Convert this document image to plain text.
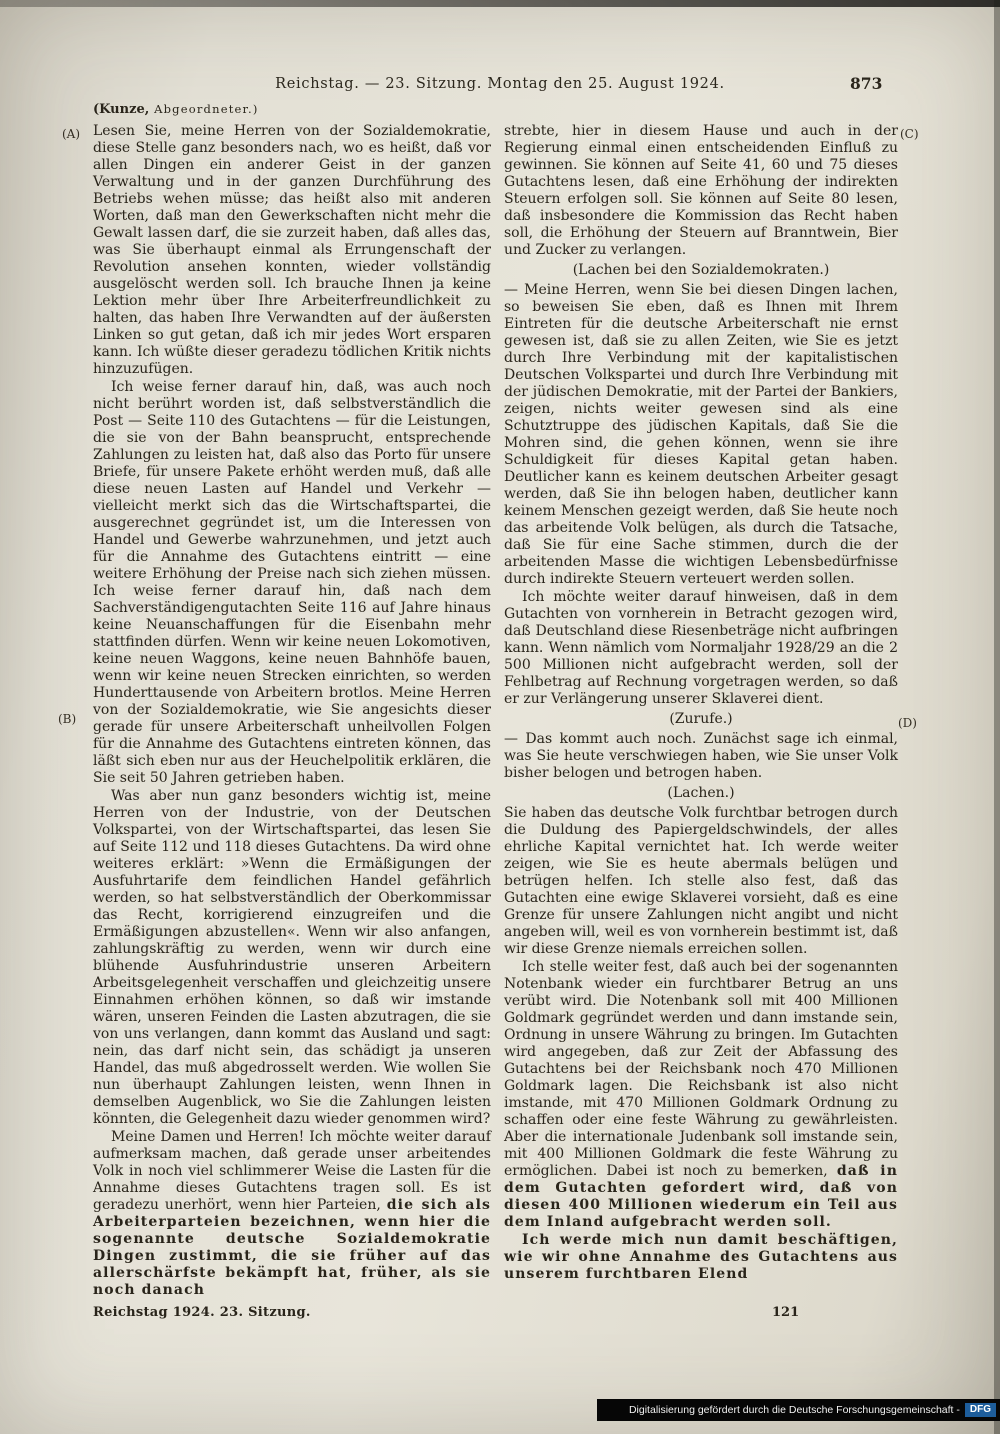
Reichstag. — 23. Sitzung. Montag den 25. August 1924.	873
(Kunze, Abgeordneter.)
(A)
(B)
(C)
(D)

Lesen Sie, meine Herren von der Sozialdemokratie, diese Stelle ganz besonders nach, wo es heißt, daß vor allen Dingen ein anderer Geist in der ganzen Verwaltung und in der ganzen Durchführung des Betriebs wehen müsse; das heißt also mit anderen Worten, daß man den Gewerkschaften nicht mehr die Gewalt lassen darf, die sie zurzeit haben, daß alles das, was Sie überhaupt einmal als Errungenschaft der Revolution ansehen konnten, wieder vollständig ausgelöscht werden soll. Ich brauche Ihnen ja keine Lektion mehr über Ihre Arbeiterfreundlichkeit zu halten, das haben Ihre Verwandten auf der äußersten Linken so gut getan, daß ich mir jedes Wort ersparen kann. Ich wüßte dieser geradezu tödlichen Kritik nichts hinzuzufügen.

Ich weise ferner darauf hin, daß, was auch noch nicht berührt worden ist, daß selbstverständlich die Post — Seite 110 des Gutachtens — für die Leistungen, die sie von der Bahn beansprucht, entsprechende Zahlungen zu leisten hat, daß also das Porto für unsere Briefe, für unsere Pakete erhöht werden muß, daß alle diese neuen Lasten auf Handel und Verkehr — vielleicht merkt sich das die Wirtschaftspartei, die ausgerechnet gegründet ist, um die Interessen von Handel und Gewerbe wahrzunehmen, und jetzt auch für die Annahme des Gutachtens eintritt — eine weitere Erhöhung der Preise nach sich ziehen müssen. Ich weise ferner darauf hin, daß nach dem Sachverständigengutachten Seite 116 auf Jahre hinaus keine Neuanschaffungen für die Eisenbahn mehr stattfinden dürfen. Wenn wir keine neuen Lokomotiven, keine neuen Waggons, keine neuen Bahnhöfe bauen, wenn wir keine neuen Strecken einrichten, so werden Hunderttausende von Arbeitern brotlos. Meine Herren von der Sozialdemokratie, wie Sie angesichts dieser gerade für unsere Arbeiterschaft unheilvollen Folgen für die Annahme des Gutachtens eintreten können, das läßt sich eben nur aus der Heuchelpolitik erklären, die Sie seit 50 Jahren getrieben haben.

Was aber nun ganz besonders wichtig ist, meine Herren von der Industrie, von der Deutschen Volkspartei, von der Wirtschaftspartei, das lesen Sie auf Seite 112 und 118 dieses Gutachtens. Da wird ohne weiteres erklärt: »Wenn die Ermäßigungen der Ausfuhrtarife dem feindlichen Handel gefährlich werden, so hat selbstverständlich der Oberkommissar das Recht, korrigierend einzugreifen und die Ermäßigungen abzustellen«. Wenn wir also anfangen, zahlungskräftig zu werden, wenn wir durch eine blühende Ausfuhrindustrie unseren Arbeitern Arbeitsgelegenheit verschaffen und gleichzeitig unsere Einnahmen erhöhen können, so daß wir imstande wären, unseren Feinden die Lasten abzutragen, die sie von uns verlangen, dann kommt das Ausland und sagt: nein, das darf nicht sein, das schädigt ja unseren Handel, das muß abgedrosselt werden. Wie wollen Sie nun überhaupt Zahlungen leisten, wenn Ihnen in demselben Augenblick, wo Sie die Zahlungen leisten könnten, die Gelegenheit dazu wieder genommen wird?

Meine Damen und Herren! Ich möchte weiter darauf aufmerksam machen, daß gerade unser arbeitendes Volk in noch viel schlimmerer Weise die Lasten für die Annahme dieses Gutachtens tragen soll. Es ist geradezu unerhört, wenn hier Parteien, die sich als Arbeiterparteien bezeichnen, wenn hier die sogenannte deutsche Sozialdemokratie Dingen zustimmt, die sie früher auf das allerschärfste bekämpft hat, früher, als sie noch danach

strebte, hier in diesem Hause und auch in der Regierung einmal einen entscheidenden Einfluß zu gewinnen. Sie können auf Seite 41, 60 und 75 dieses Gutachtens lesen, daß eine Erhöhung der indirekten Steuern erfolgen soll. Sie können auf Seite 80 lesen, daß insbesondere die Kommission das Recht haben soll, die Erhöhung der Steuern auf Branntwein, Bier und Zucker zu verlangen.

(Lachen bei den Sozialdemokraten.)

— Meine Herren, wenn Sie bei diesen Dingen lachen, so beweisen Sie eben, daß es Ihnen mit Ihrem Eintreten für die deutsche Arbeiterschaft nie ernst gewesen ist, daß sie zu allen Zeiten, wie Sie es jetzt durch Ihre Verbindung mit der kapitalistischen Deutschen Volkspartei und durch Ihre Verbindung mit der jüdischen Demokratie, mit der Partei der Bankiers, zeigen, nichts weiter gewesen sind als eine Schutztruppe des jüdischen Kapitals, daß Sie die Mohren sind, die gehen können, wenn sie ihre Schuldigkeit für dieses Kapital getan haben. Deutlicher kann es keinem deutschen Arbeiter gesagt werden, daß Sie ihn belogen haben, deutlicher kann keinem Menschen gezeigt werden, daß Sie heute noch das arbeitende Volk belügen, als durch die Tatsache, daß Sie für eine Sache stimmen, durch die der arbeitenden Masse die wichtigen Lebensbedürfnisse durch indirekte Steuern verteuert werden sollen.

Ich möchte weiter darauf hinweisen, daß in dem Gutachten von vornherein in Betracht gezogen wird, daß Deutschland diese Riesenbeträge nicht aufbringen kann. Wenn nämlich vom Normaljahr 1928/29 an die 2 500 Millionen nicht aufgebracht werden, soll der Fehlbetrag auf Rechnung vorgetragen werden, so daß er zur Verlängerung unserer Sklaverei dient.

(Zurufe.)

— Das kommt auch noch. Zunächst sage ich einmal, was Sie heute verschwiegen haben, wie Sie unser Volk bisher belogen und betrogen haben.

(Lachen.)

Sie haben das deutsche Volk furchtbar betrogen durch die Duldung des Papiergeldschwindels, der alles ehrliche Kapital vernichtet hat. Ich werde weiter zeigen, wie Sie es heute abermals belügen und betrügen helfen. Ich stelle also fest, daß das Gutachten eine ewige Sklaverei vorsieht, daß es eine Grenze für unsere Zahlungen nicht angibt und nicht angeben will, weil es von vornherein bestimmt ist, daß wir diese Grenze niemals erreichen sollen.

Ich stelle weiter fest, daß auch bei der sogenannten Notenbank wieder ein furchtbarer Betrug an uns verübt wird. Die Notenbank soll mit 400 Millionen Goldmark gegründet werden und dann imstande sein, Ordnung in unsere Währung zu bringen. Im Gutachten wird angegeben, daß zur Zeit der Abfassung des Gutachtens bei der Reichsbank noch 470 Millionen Goldmark lagen. Die Reichsbank ist also nicht imstande, mit 470 Millionen Goldmark Ordnung zu schaffen oder eine feste Währung zu gewährleisten. Aber die internationale Judenbank soll imstande sein, mit 400 Millionen Goldmark die feste Währung zu ermöglichen. Dabei ist noch zu bemerken, daß in dem Gutachten gefordert wird, daß von diesen 400 Millionen wiederum ein Teil aus dem Inland aufgebracht werden soll.

Ich werde mich nun damit beschäftigen, wie wir ohne Annahme des Gutachtens aus unserem furchtbaren Elend

Reichstag 1924. 23. Sitzung.	121
Digitalisierung gefördert durch die Deutsche Forschungsgemeinschaft -	DFG
